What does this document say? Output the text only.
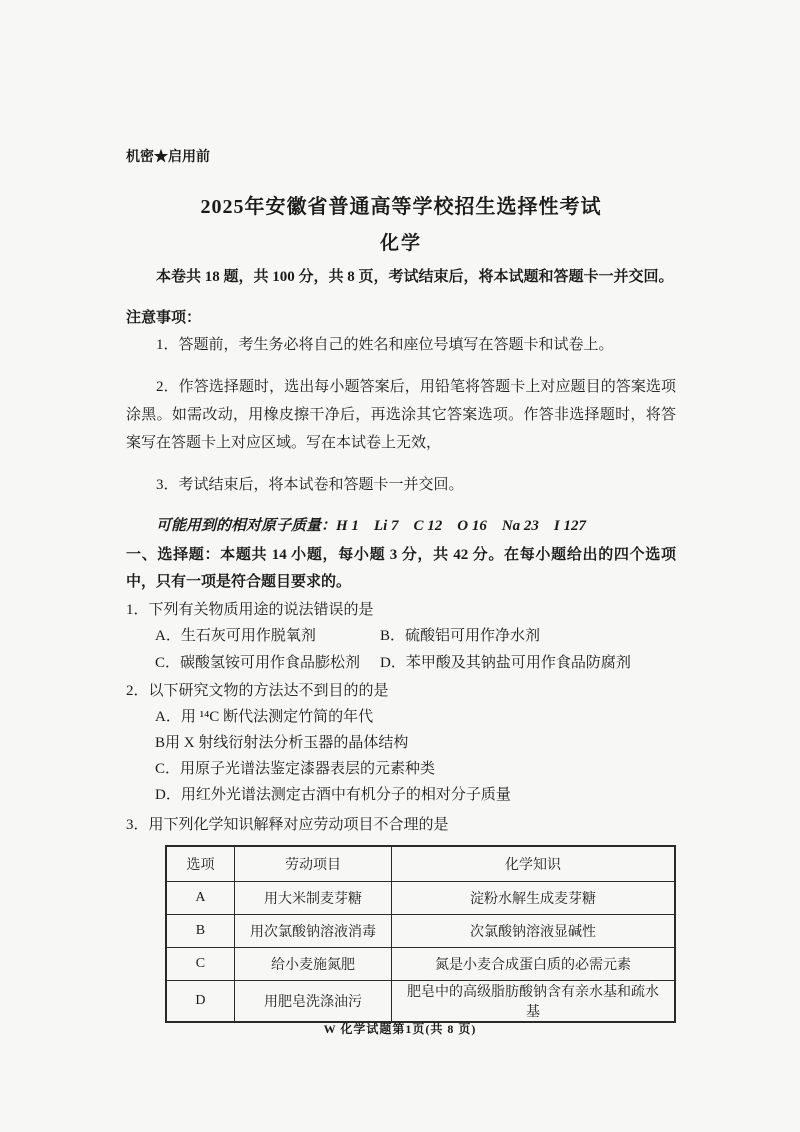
机密★启用前
2025年安徽省普通高等学校招生选择性考试
化学

本卷共 18 题，共 100 分，共 8 页，考试结束后，将本试题和答题卡一并交回。

注意事项：

1．答题前，考生务必将自己的姓名和座位号填写在答题卡和试卷上。

2．作答选择题时，选出每小题答案后，用铅笔将答题卡上对应题目的答案选项涂黑。如需改动，用橡皮擦干净后，再选涂其它答案选项。作答非选择题时，将答案写在答题卡上对应区域。写在本试卷上无效，

3．考试结束后，将本试卷和答题卡一并交回。

可能用到的相对原子质量：H 1　Li 7　C 12　O 16　Na 23　I 127
一、选择题：本题共 14 小题，每小题 3 分，共 42 分。在每小题给出的四个选项中，只有一项是符合题目要求的。
1．下列有关物质用途的说法错误的是
A．生石灰可用作脱氧剂	B．硫酸铝可用作净水剂
C．碳酸氢铵可用作食品膨松剂	D．苯甲酸及其钠盐可用作食品防腐剂
2．以下研究文物的方法达不到目的的是
A．用 ¹⁴C 断代法测定竹简的年代
B用 X 射线衍射法分析玉器的晶体结构
C．用原子光谱法鉴定漆器表层的元素种类
D．用红外光谱法测定古酒中有机分子的相对分子质量
3．用下列化学知识解释对应劳动项目不合理的是
选项	劳动项目	化学知识
A	用大米制麦芽糖	淀粉水解生成麦芽糖
B	用次氯酸钠溶液消毒	次氯酸钠溶液显碱性
C	给小麦施氮肥	氮是小麦合成蛋白质的必需元素
D	用肥皂洗涤油污	肥皂中的高级脂肪酸钠含有亲水基和疏水基
W 化学试题第1页(共 8 页)
